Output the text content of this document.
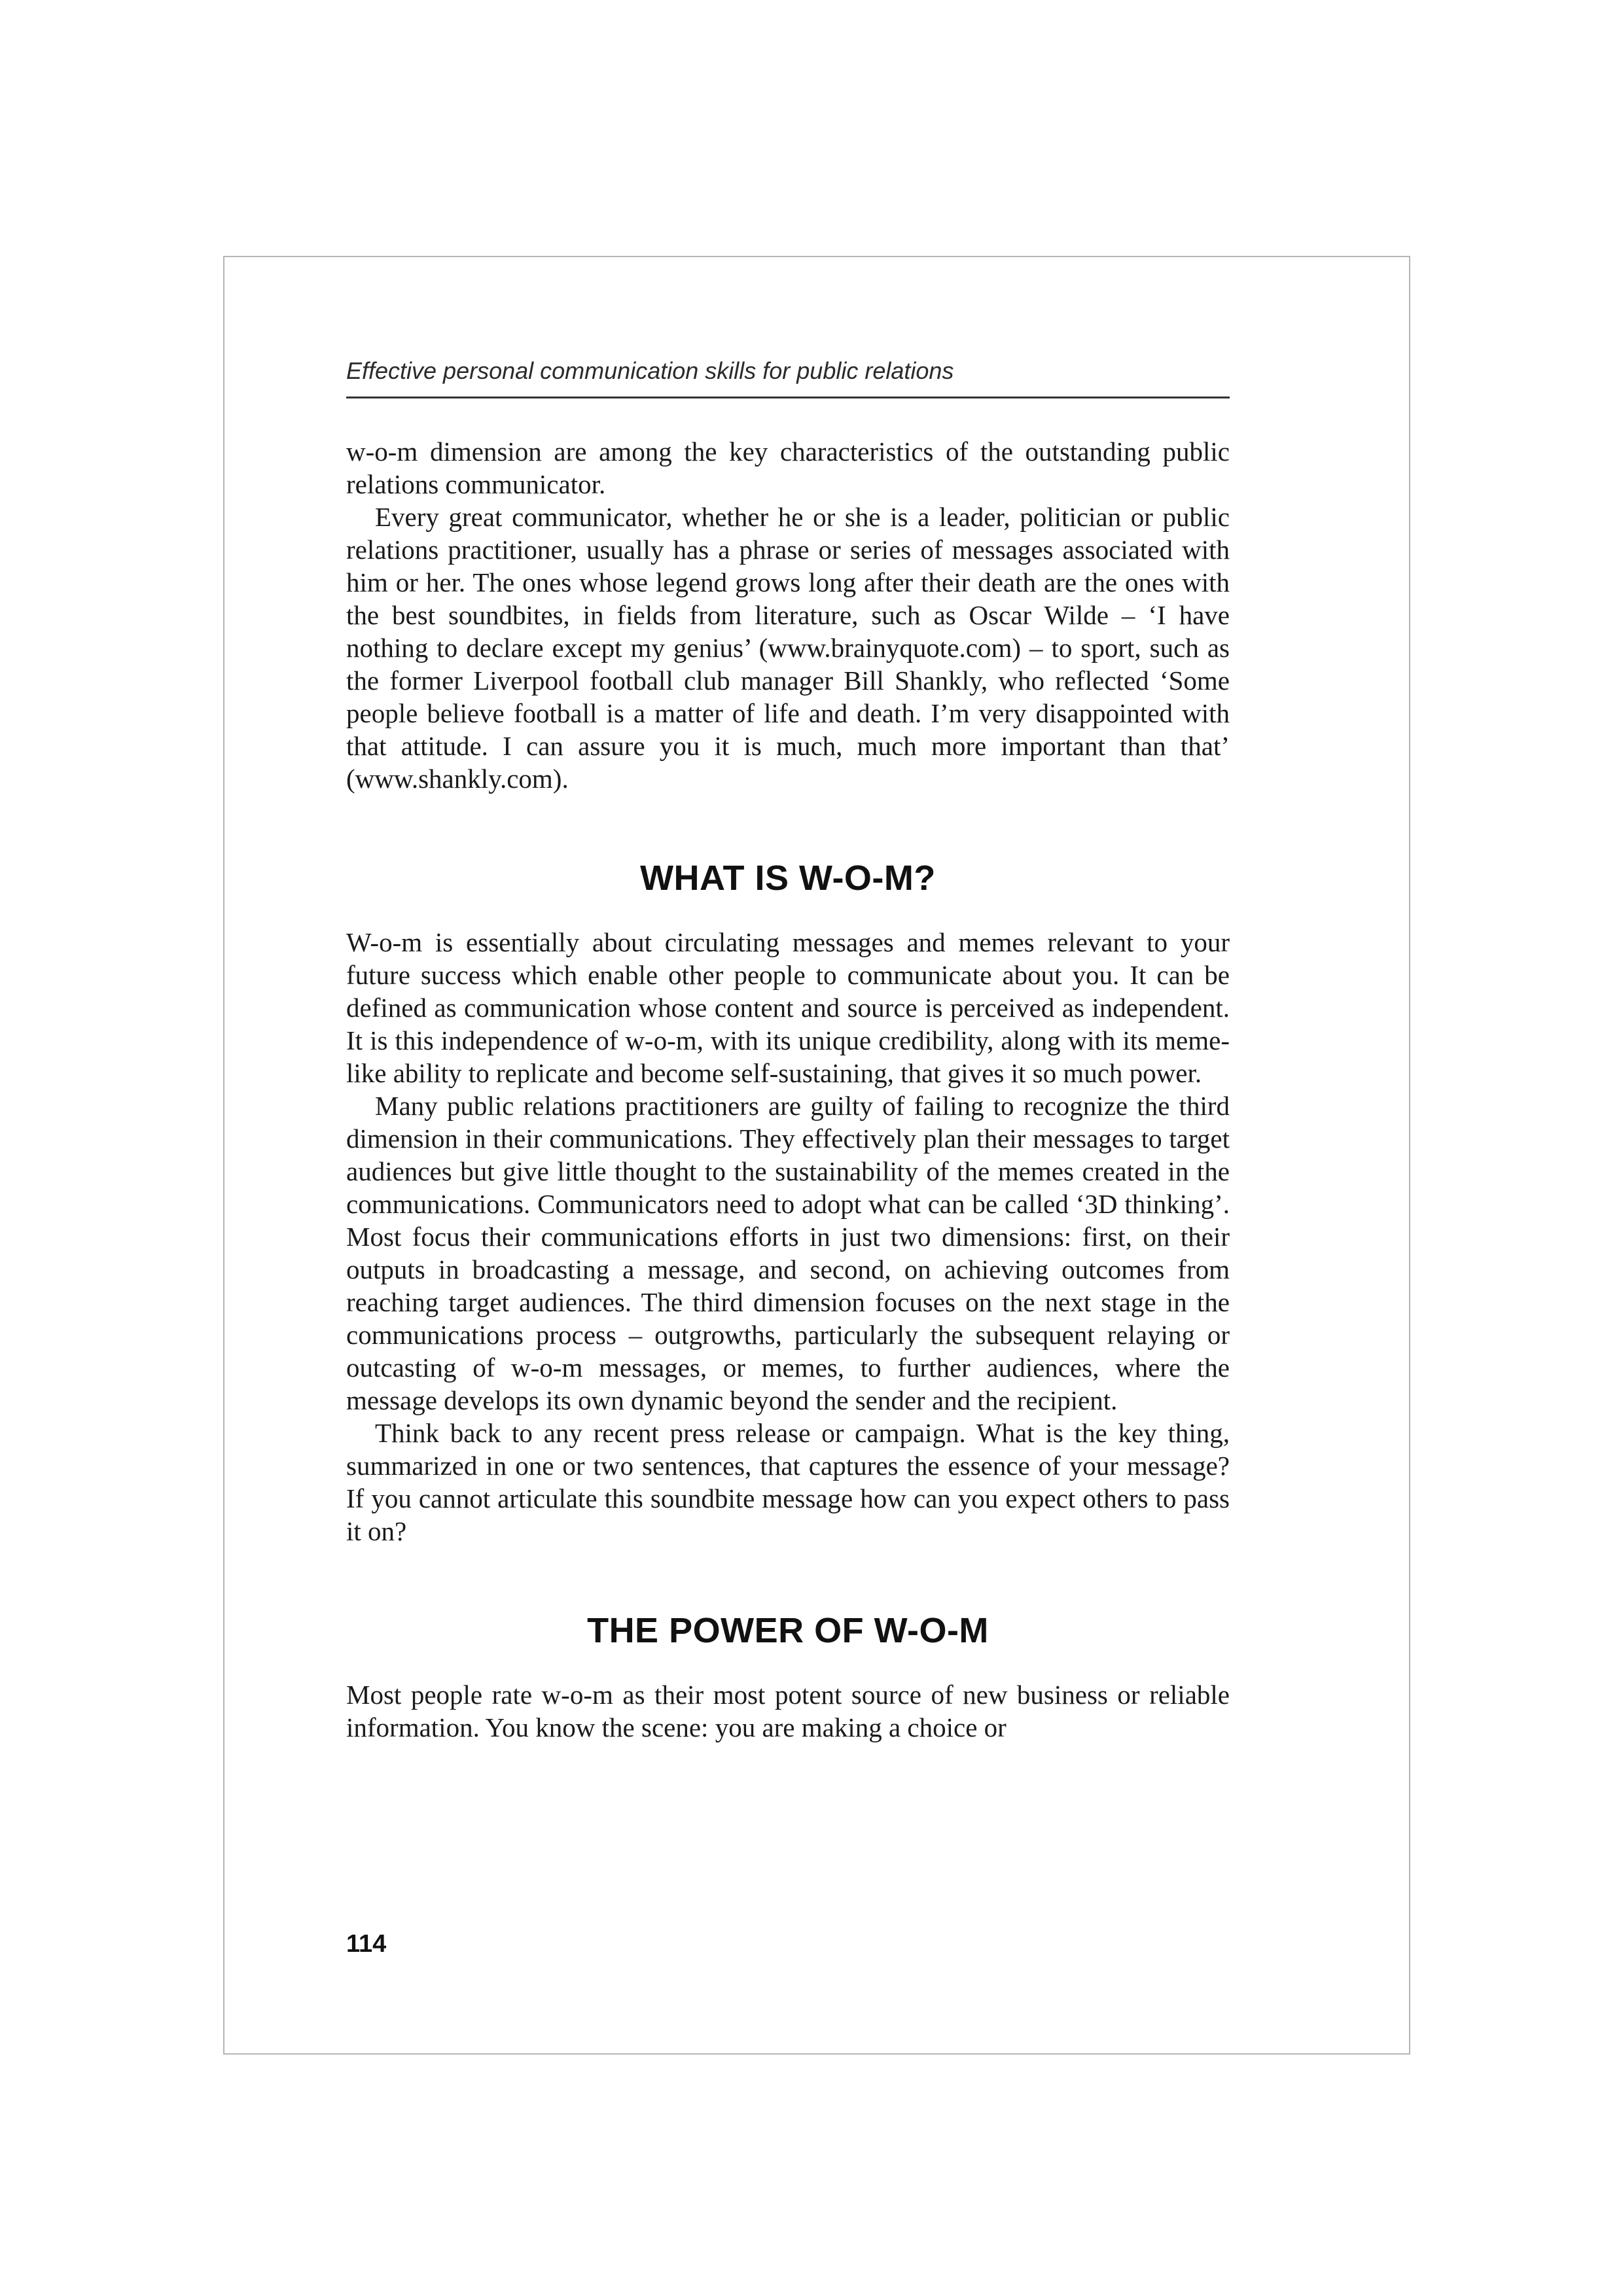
Effective personal communication skills for public relations

w-o-m dimension are among the key characteristics of the outstanding public relations communicator.

Every great communicator, whether he or she is a leader, politician or public relations practitioner, usually has a phrase or series of messages associated with him or her. The ones whose legend grows long after their death are the ones with the best soundbites, in fields from literature, such as Oscar Wilde – ‘I have nothing to declare except my genius’ (www.brainyquote.com) – to sport, such as the former Liverpool football club manager Bill Shankly, who reflected ‘Some people believe football is a matter of life and death. I’m very disappointed with that attitude. I can assure you it is much, much more important than that’ (www.shankly.com).

WHAT IS W-O-M?

W-o-m is essentially about circulating messages and memes relevant to your future success which enable other people to communicate about you. It can be defined as communication whose content and source is perceived as independent. It is this independence of w-o-m, with its unique credibility, along with its meme-like ability to replicate and become self-sustaining, that gives it so much power.

Many public relations practitioners are guilty of failing to recognize the third dimension in their communications. They effectively plan their messages to target audiences but give little thought to the sustainability of the memes created in the communications. Communicators need to adopt what can be called ‘3D thinking’. Most focus their communications efforts in just two dimensions: first, on their outputs in broadcasting a message, and second, on achieving outcomes from reaching target audiences. The third dimension focuses on the next stage in the communications process – outgrowths, particularly the subsequent relaying or outcasting of w-o-m messages, or memes, to further audiences, where the message develops its own dynamic beyond the sender and the recipient.

Think back to any recent press release or campaign. What is the key thing, summarized in one or two sentences, that captures the essence of your message? If you cannot articulate this soundbite message how can you expect others to pass it on?

THE POWER OF W-O-M

Most people rate w-o-m as their most potent source of new business or reliable information. You know the scene: you are making a choice or

114
